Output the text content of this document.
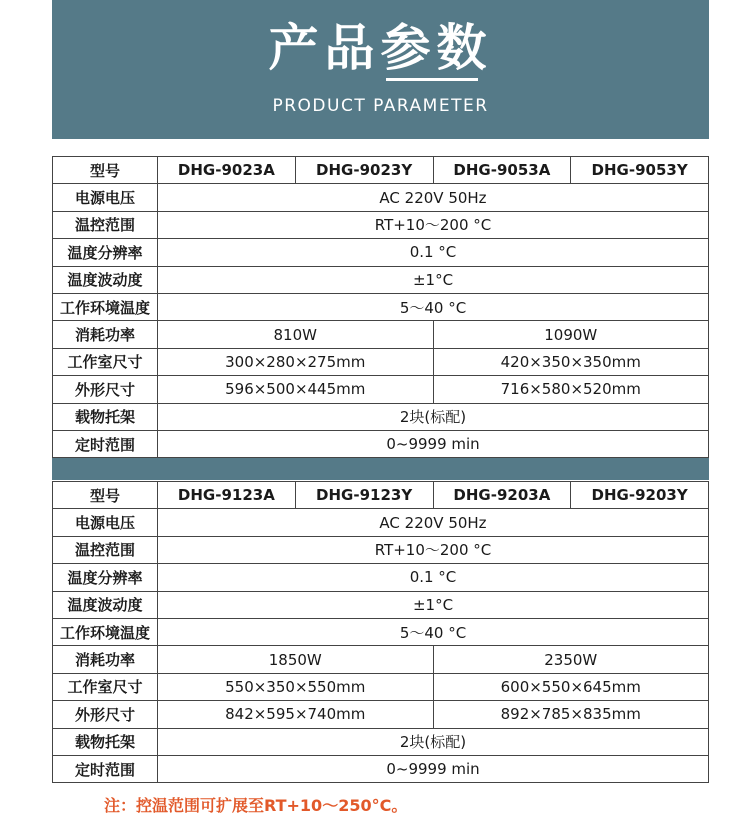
产品参数
PRODUCT PARAMETER
型号	DHG-9023A	DHG-9023Y	DHG-9053A	DHG-9053Y
电源电压	AC 220V 50Hz			
温控范围	RT+10～200 °C			
温度分辨率	0.1 °C			
温度波动度	±1°C			
工作环境温度	5～40 °C			
消耗功率	810W		1090W	
工作室尺寸	300×280×275mm		420×350×350mm	
外形尺寸	596×500×445mm		716×580×520mm	
载物托架	2块(标配)			
定时范围	0~9999 min			
型号	DHG-9123A	DHG-9123Y	DHG-9203A	DHG-9203Y
电源电压	AC 220V 50Hz			
温控范围	RT+10～200 °C			
温度分辨率	0.1 °C			
温度波动度	±1°C			
工作环境温度	5～40 °C			
消耗功率	1850W		2350W	
工作室尺寸	550×350×550mm		600×550×645mm	
外形尺寸	842×595×740mm		892×785×835mm	
载物托架	2块(标配)			
定时范围	0~9999 min			
注：控温范围可扩展至RT+10～250°C。
